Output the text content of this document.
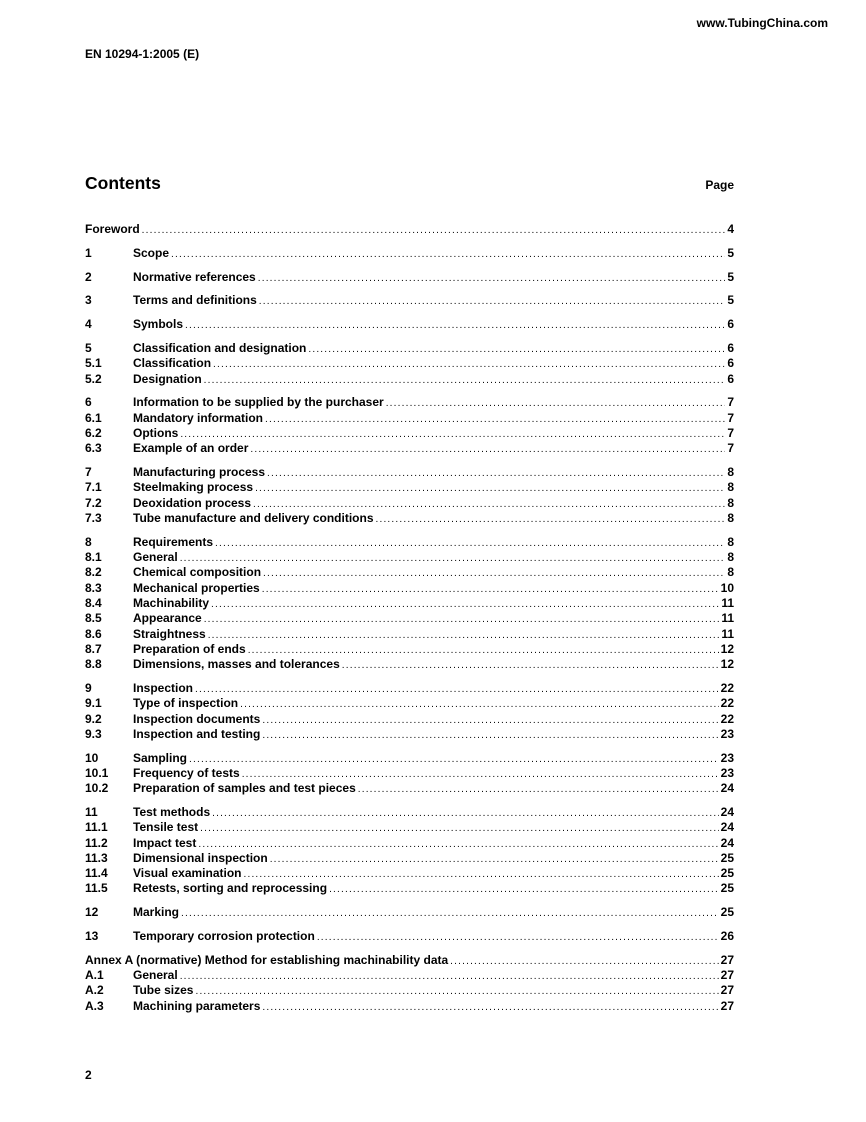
www.TubingChina.com
EN 10294-1:2005 (E)
Contents	Page
Foreword .....	4
1	Scope .....	5
2	Normative references .....	5
3	Terms and definitions .....	5
4	Symbols .....	6
5	Classification and designation .....	6
5.1	Classification .....	6
5.2	Designation .....	6
6	Information to be supplied by the purchaser .....	7
6.1	Mandatory information .....	7
6.2	Options .....	7
6.3	Example of an order .....	7
7	Manufacturing process .....	8
7.1	Steelmaking process .....	8
7.2	Deoxidation process .....	8
7.3	Tube manufacture and delivery conditions .....	8
8	Requirements .....	8
8.1	General .....	8
8.2	Chemical composition .....	8
8.3	Mechanical properties .....	10
8.4	Machinability .....	11
8.5	Appearance .....	11
8.6	Straightness .....	11
8.7	Preparation of ends .....	12
8.8	Dimensions, masses and tolerances .....	12
9	Inspection .....	22
9.1	Type of inspection .....	22
9.2	Inspection documents .....	22
9.3	Inspection and testing .....	23
10	Sampling .....	23
10.1	Frequency of tests .....	23
10.2	Preparation of samples and test pieces .....	24
11	Test methods .....	24
11.1	Tensile test .....	24
11.2	Impact test .....	24
11.3	Dimensional inspection .....	25
11.4	Visual examination .....	25
11.5	Retests, sorting and reprocessing .....	25
12	Marking .....	25
13	Temporary corrosion protection .....	26
Annex A (normative) Method for establishing machinability data .....	27
A.1	General .....	27
A.2	Tube sizes .....	27
A.3	Machining parameters .....	27
2
